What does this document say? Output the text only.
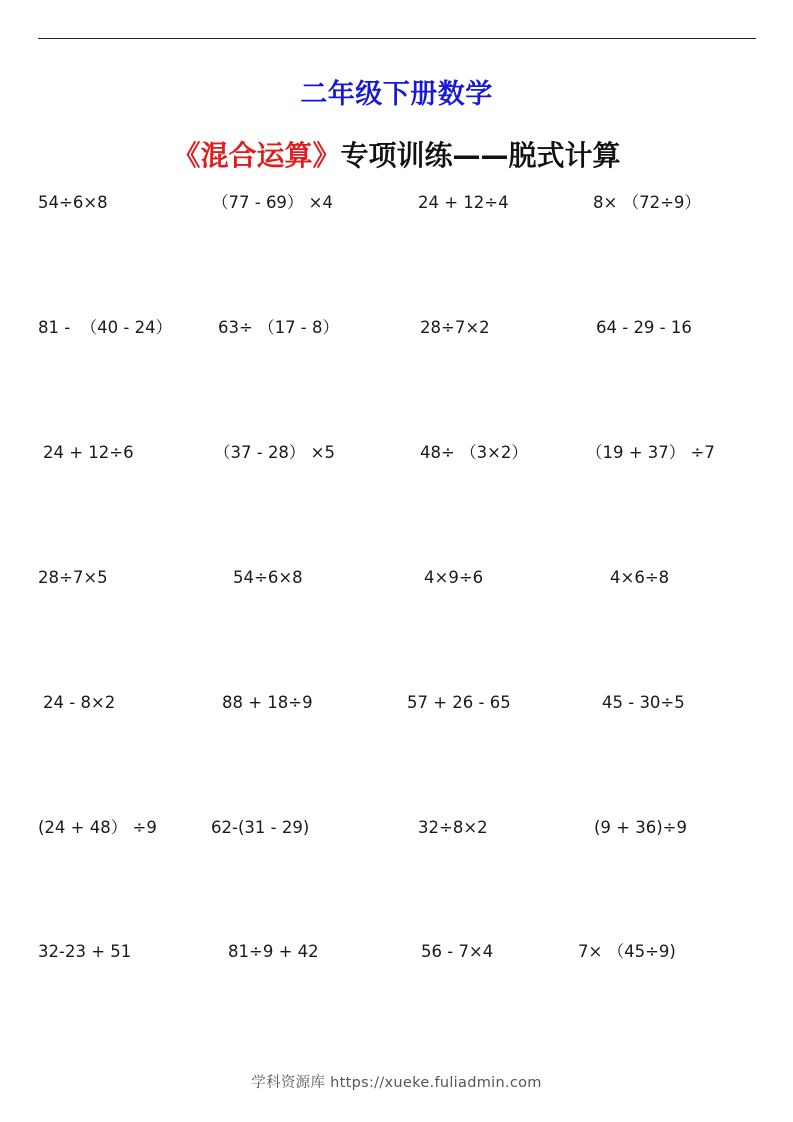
二年级下册数学
《混合运算》专项训练——脱式计算
54÷6×8	（77 - 69） ×4	24 + 12÷4	8× （72÷9）
81 -  （40 - 24）	63÷ （17 - 8）	28÷7×2	64 - 29 - 16
24 + 12÷6	（37 - 28） ×5	48÷ （3×2）	（19 + 37） ÷7
28÷7×5	54÷6×8	4×9÷6	4×6÷8
24 - 8×2	88 + 18÷9	57 + 26 - 65	45 - 30÷5
(24 + 48） ÷9	62-(31 - 29)	32÷8×2	(9 + 36)÷9
32-23 + 51	81÷9 + 42	56 - 7×4	7× （45÷9)
学科资源库 https://xueke.fuliadmin.com
